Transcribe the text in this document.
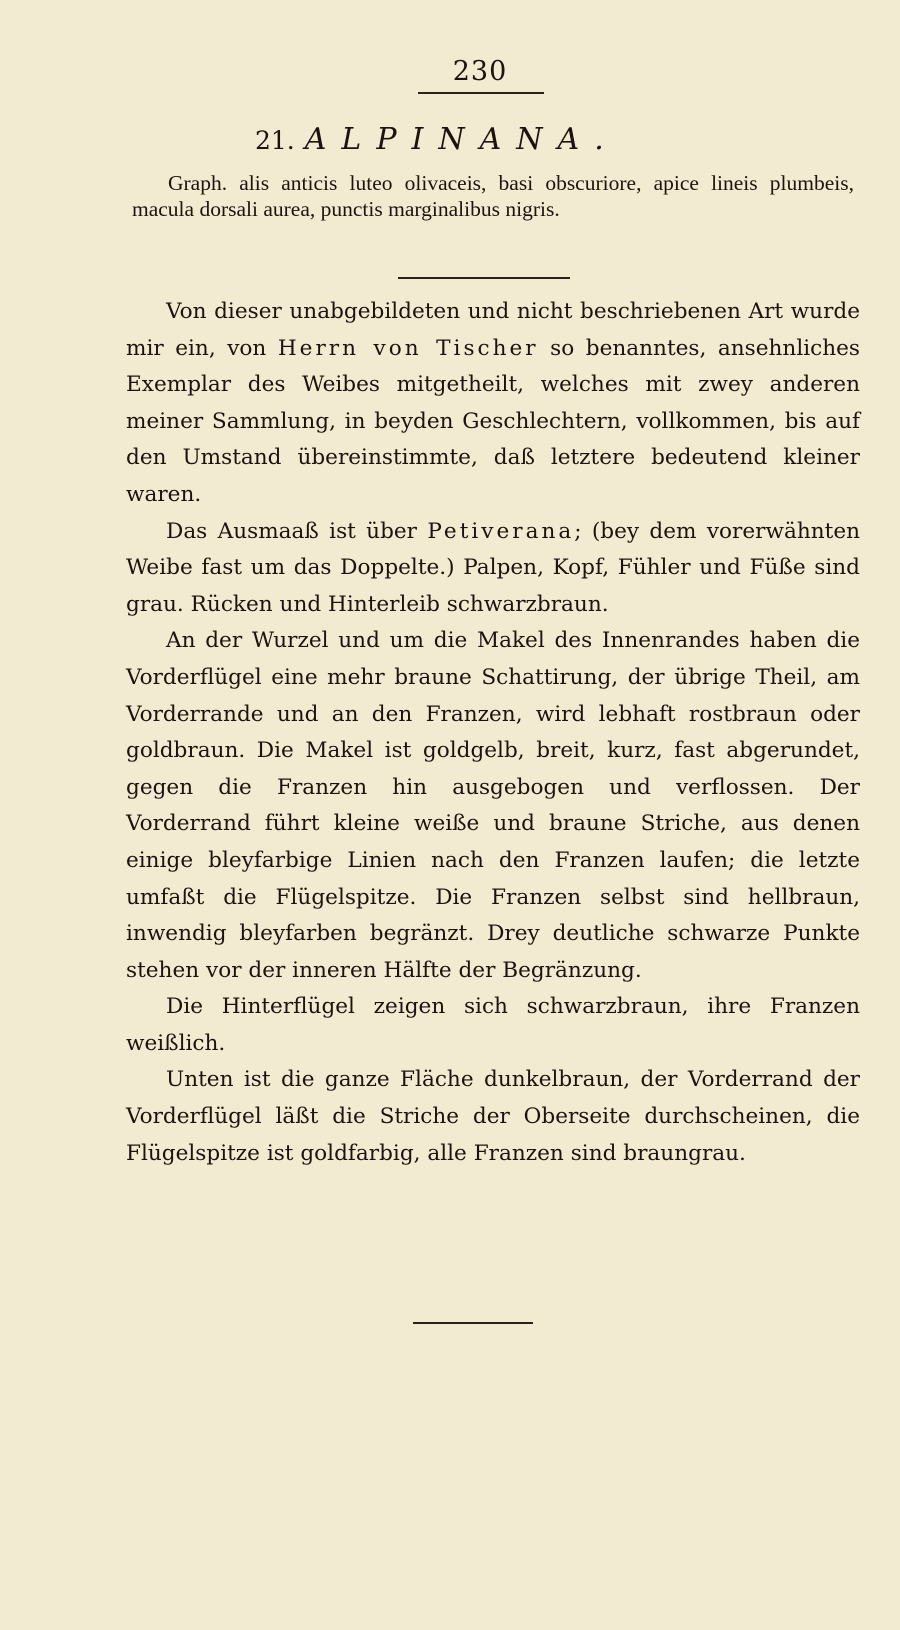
230
21. ALPINANA.

Graph. alis anticis luteo olivaceis, basi obscuriore, apice lineis plumbeis, macula dorsali aurea, punctis marginalibus nigris.

Von dieser unabgebildeten und nicht beschriebenen Art wurde mir ein, von Herrn von Tischer so benanntes, ansehnliches Exemplar des Weibes mitgetheilt, welches mit zwey anderen meiner Sammlung, in beyden Geschlechtern, vollkommen, bis auf den Umstand übereinstimmte, daß letztere bedeutend kleiner waren.

Das Ausmaaß ist über Petiverana; (bey dem vorerwähnten Weibe fast um das Doppelte.) Palpen, Kopf, Fühler und Füße sind grau. Rücken und Hinterleib schwarzbraun.

An der Wurzel und um die Makel des Innenrandes haben die Vorderflügel eine mehr braune Schattirung, der übrige Theil, am Vorderrande und an den Franzen, wird lebhaft rostbraun oder goldbraun. Die Makel ist goldgelb, breit, kurz, fast abgerundet, gegen die Franzen hin ausgebogen und verflossen. Der Vorderrand führt kleine weiße und braune Striche, aus denen einige bleyfarbige Linien nach den Franzen laufen; die letzte umfaßt die Flügelspitze. Die Franzen selbst sind hellbraun, inwendig bleyfarben begränzt. Drey deutliche schwarze Punkte stehen vor der inneren Hälfte der Begränzung.

Die Hinterflügel zeigen sich schwarzbraun, ihre Franzen weißlich.

Unten ist die ganze Fläche dunkelbraun, der Vorderrand der Vorderflügel läßt die Striche der Oberseite durchscheinen, die Flügelspitze ist goldfarbig, alle Franzen sind braungrau.
